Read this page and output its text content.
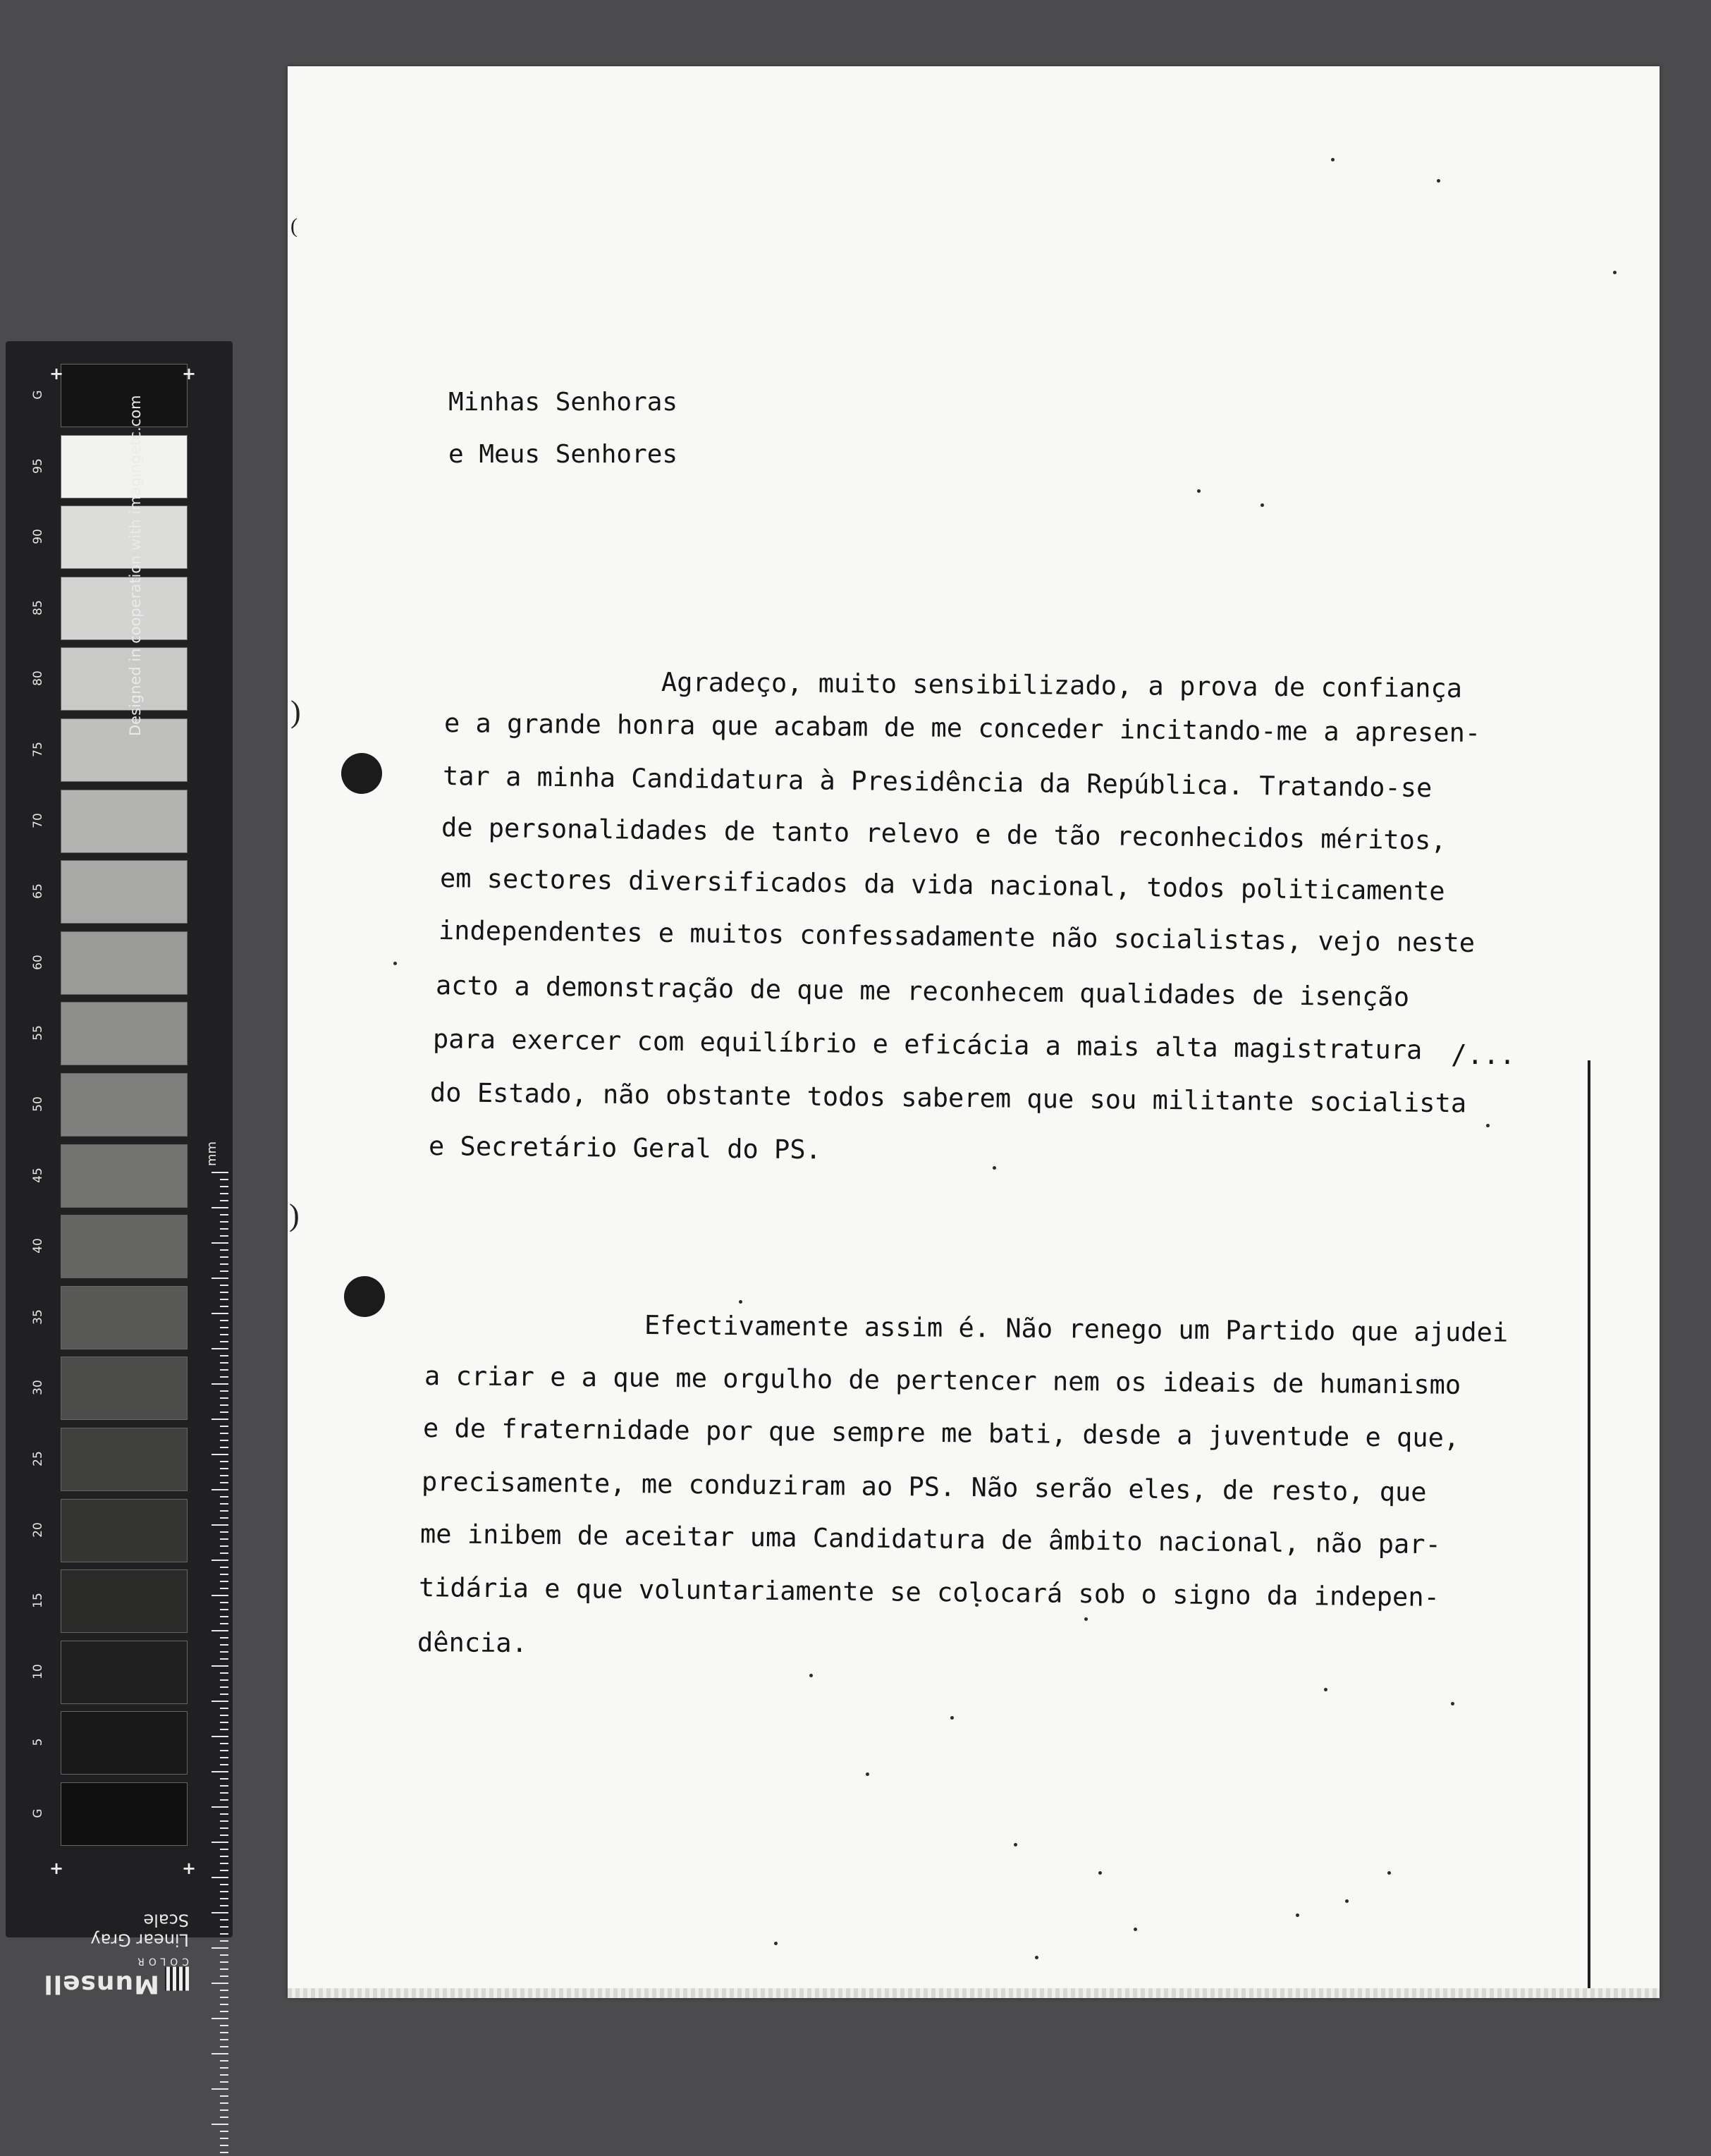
G
95
90
85
80
75
70
65
60
55
50
45
40
35
30
25
20
15
10
5
G
+	+
+	+
Designed in cooperation with imagingetc.com
mm
Munsell
COLOR
Linear Gray Scale
)
)
(
Minhas Senhoras
e Meus Senhores
Agradeço, muito sensibilizado, a prova de confiança
e a grande honra que acabam de me conceder incitando-me a apresen-
tar a minha Candidatura à Presidência da República. Tratando-se
de personalidades de tanto relevo e de tão reconhecidos méritos,
em sectores diversificados da vida nacional, todos politicamente
independentes e muitos confessadamente não socialistas, vejo neste
acto a demonstração de que me reconhecem qualidades de isenção
para exercer com equilíbrio e eficácia a mais alta magistratura
do Estado, não obstante todos saberem que sou militante socialista
e Secretário Geral do PS.
Efectivamente assim é. Não renego um Partido que ajudei
a criar e a que me orgulho de pertencer nem os ideais de humanismo
e de fraternidade por que sempre me bati, desde a juventude e que,
precisamente, me conduziram ao PS. Não serão eles, de resto, que
me inibem de aceitar uma Candidatura de âmbito nacional, não par-
tidária e que voluntariamente se colocará sob o signo da indepen-
dência.
/...
